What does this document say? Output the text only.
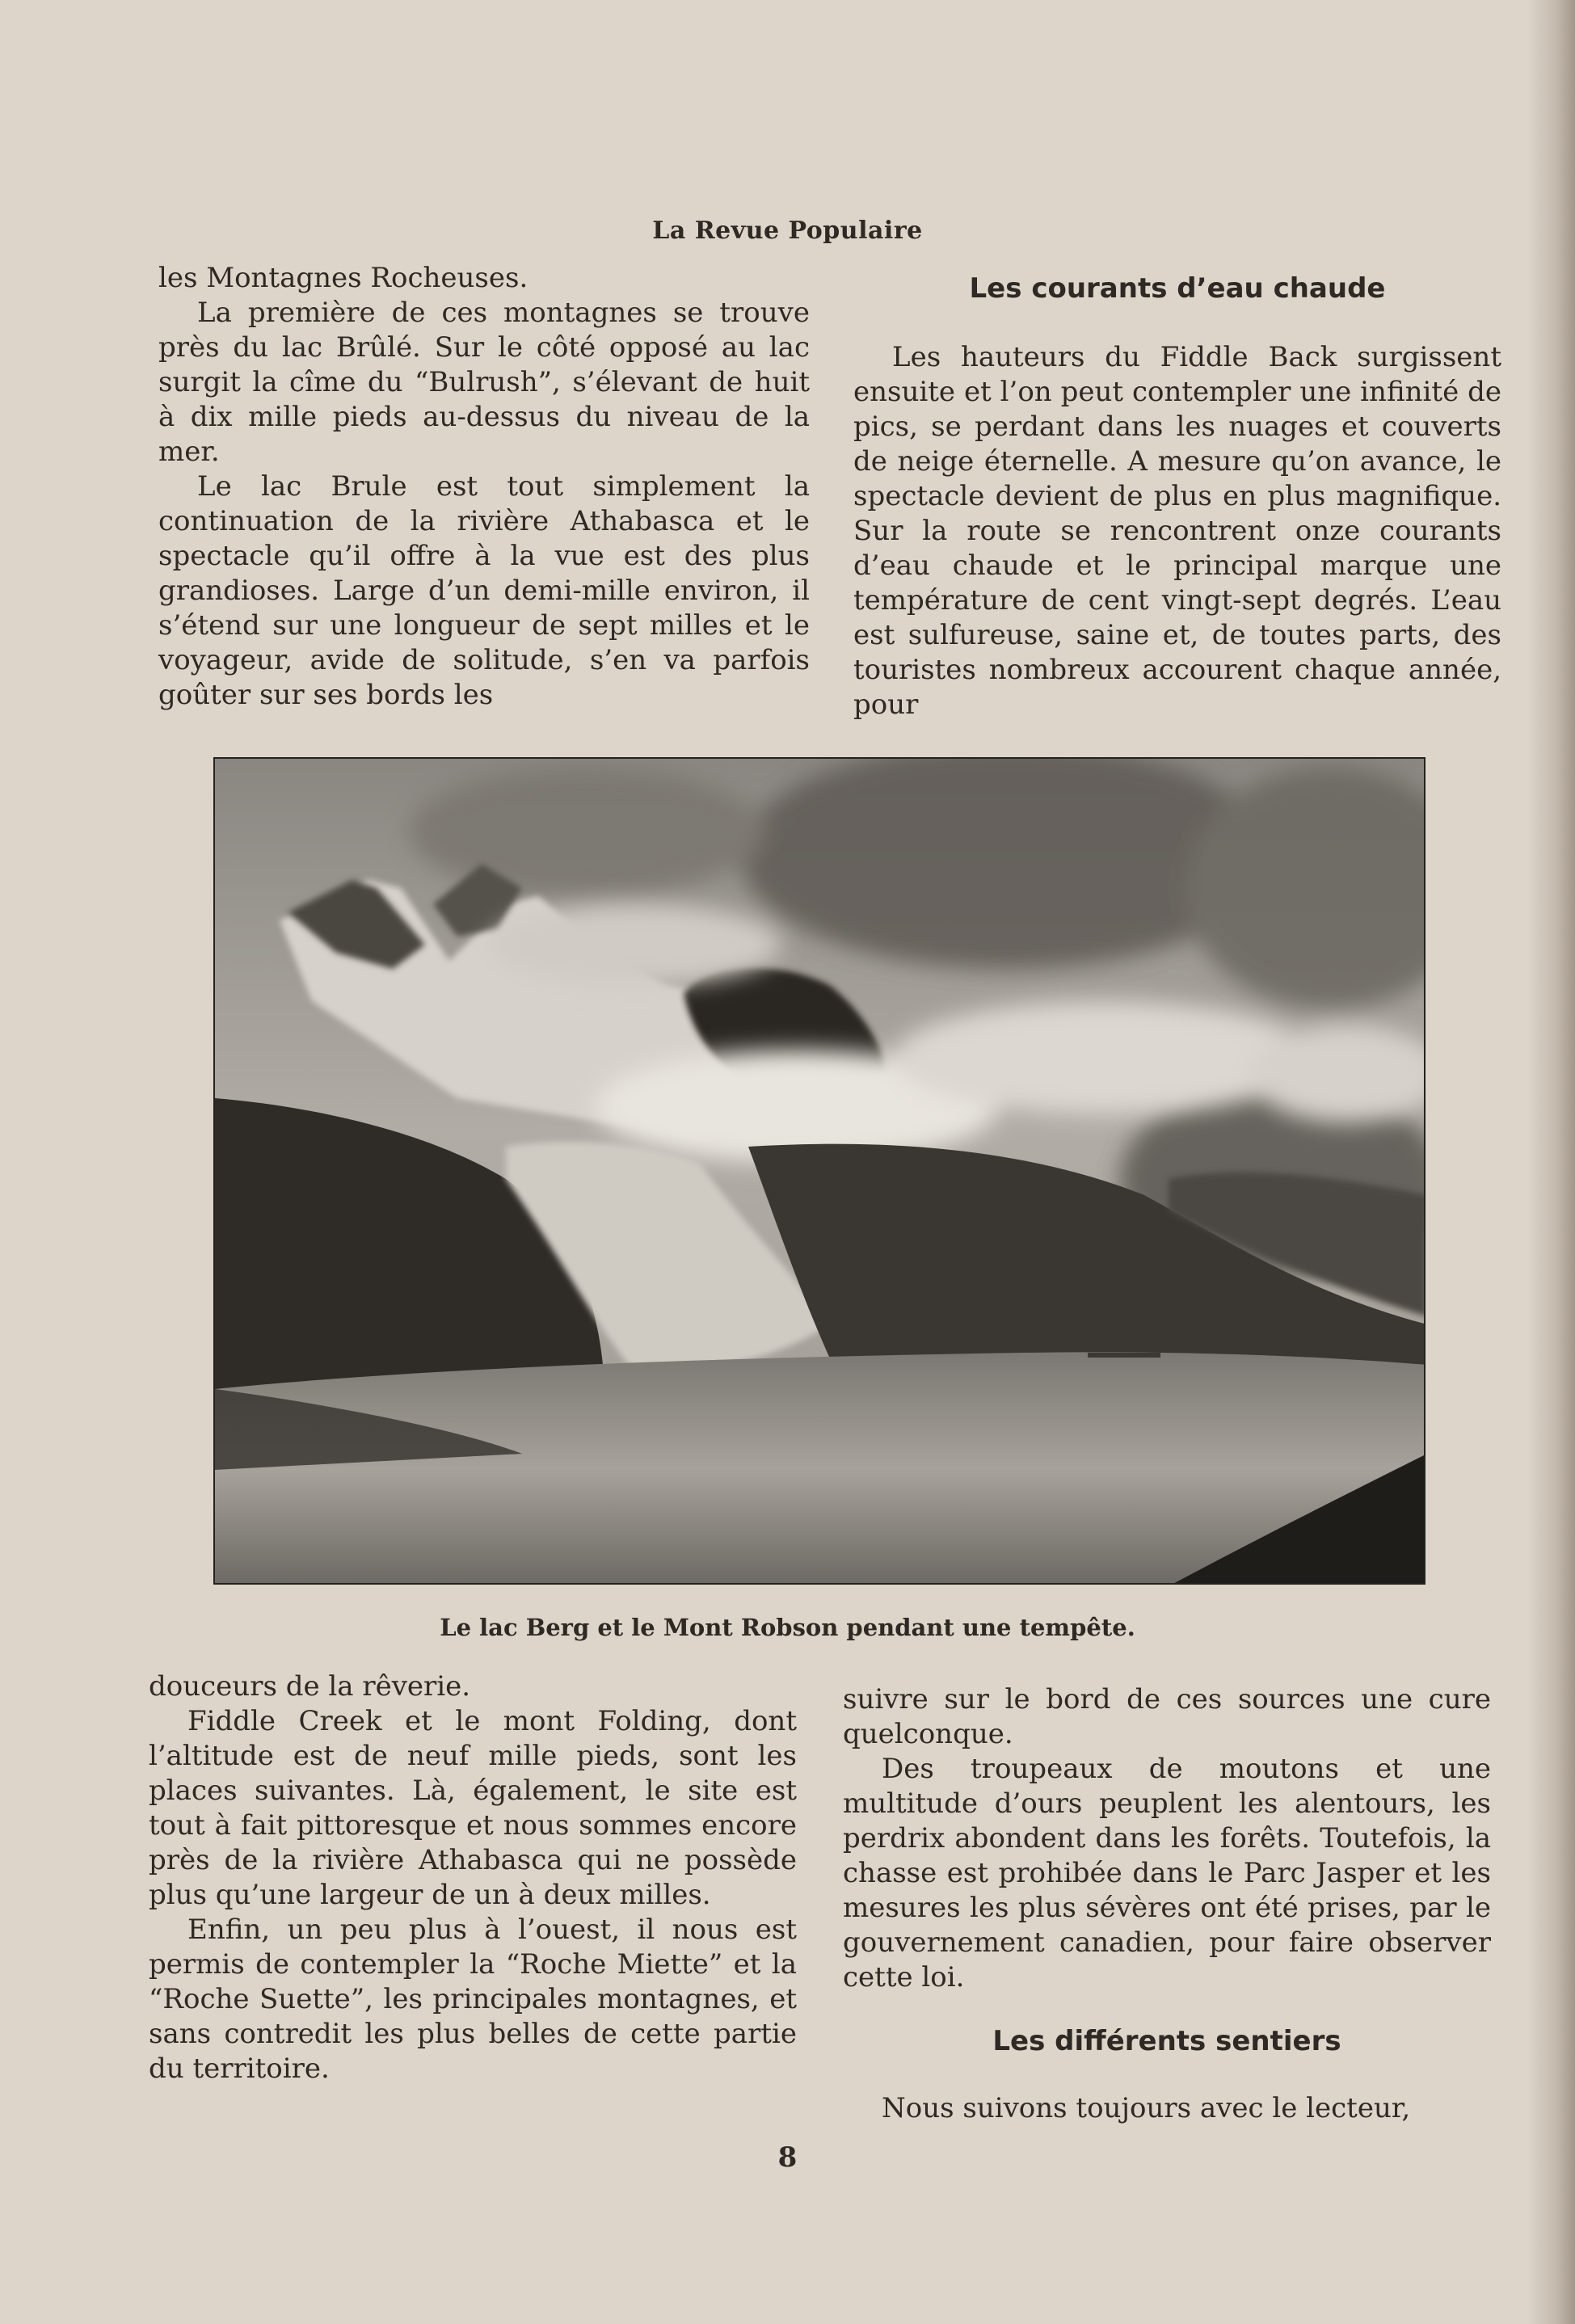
La Revue Populaire

les Montagnes Rocheuses.

La première de ces montagnes se trouve près du lac Brûlé. Sur le côté opposé au lac surgit la cîme du “Bulrush”, s’élevant de huit à dix mille pieds au-dessus du niveau de la mer.

Le lac Brule est tout simplement la continuation de la rivière Athabasca et le spectacle qu’il offre à la vue est des plus grandioses. Large d’un demi-mille environ, il s’étend sur une longueur de sept milles et le voyageur, avide de solitude, s’en va parfois goûter sur ses bords les

Les courants d’eau chaude

Les hauteurs du Fiddle Back surgissent ensuite et l’on peut contempler une infinité de pics, se perdant dans les nuages et couverts de neige éternelle. A mesure qu’on avance, le spectacle devient de plus en plus magnifique. Sur la route se rencontrent onze courants d’eau chaude et le principal marque une température de cent vingt-sept degrés. L’eau est sulfureuse, saine et, de toutes parts, des touristes nombreux accourent chaque année, pour

Le lac Berg et le Mont Robson pendant une tempête.

douceurs de la rêverie.

Fiddle Creek et le mont Folding, dont l’altitude est de neuf mille pieds, sont les places suivantes. Là, également, le site est tout à fait pittoresque et nous sommes encore près de la rivière Athabasca qui ne possède plus qu’une largeur de un à deux milles.

Enfin, un peu plus à l’ouest, il nous est permis de contempler la “Roche Miette” et la “Roche Suette”, les principales montagnes, et sans contredit les plus belles de cette partie du territoire.

suivre sur le bord de ces sources une cure quelconque.

Des troupeaux de moutons et une multitude d’ours peuplent les alentours, les perdrix abondent dans les forêts. Toutefois, la chasse est prohibée dans le Parc Jasper et les mesures les plus sévères ont été prises, par le gouvernement canadien, pour faire observer cette loi.

Les différents sentiers

Nous suivons toujours avec le lecteur,

8
